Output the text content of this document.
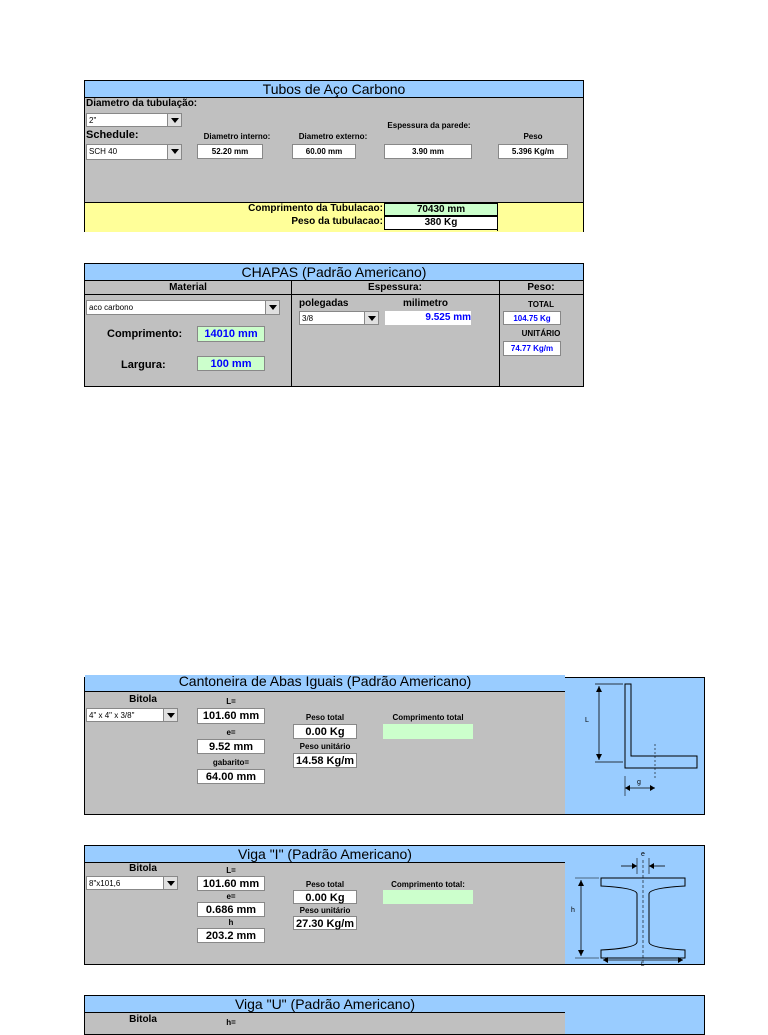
Tubos de Aço Carbono
Diametro da tubulação:
2"
Schedule:
SCH 40
Diametro interno:
52.20 mm
Diametro externo:
60.00 mm
Espessura da parede:
3.90 mm
Peso
5.396 Kg/m
Comprimento da Tubulacao:	70430 mm
Peso da tubulacao:	380 Kg
CHAPAS (Padrão Americano)
Material	Espessura:	Peso:
aco carbono
Comprimento:	14010 mm
Largura:	100 mm
polegadas	milimetro
3/8	9.525 mm
TOTAL
104.75 Kg
UNITÁRIO
74.77 Kg/m
Cantoneira de Abas Iguais (Padrão Americano)
Bitola
4" x 4" x 3/8"
L=
101.60 mm
e=
9.52 mm
gabarito=
64.00 mm
Peso total
0.00 Kg
Peso unitário
14.58 Kg/m
Comprimento total	L
g
Viga "I" (Padrão Americano)
Bitola
8"x101,6
L=
101.60 mm
e=
0.686 mm
h
203.2 mm
Peso total
0.00 Kg
Peso unitário
27.30 Kg/m
Comprimento total:
e
h
L
Viga "U" (Padrão Americano)
Bitola	h=
